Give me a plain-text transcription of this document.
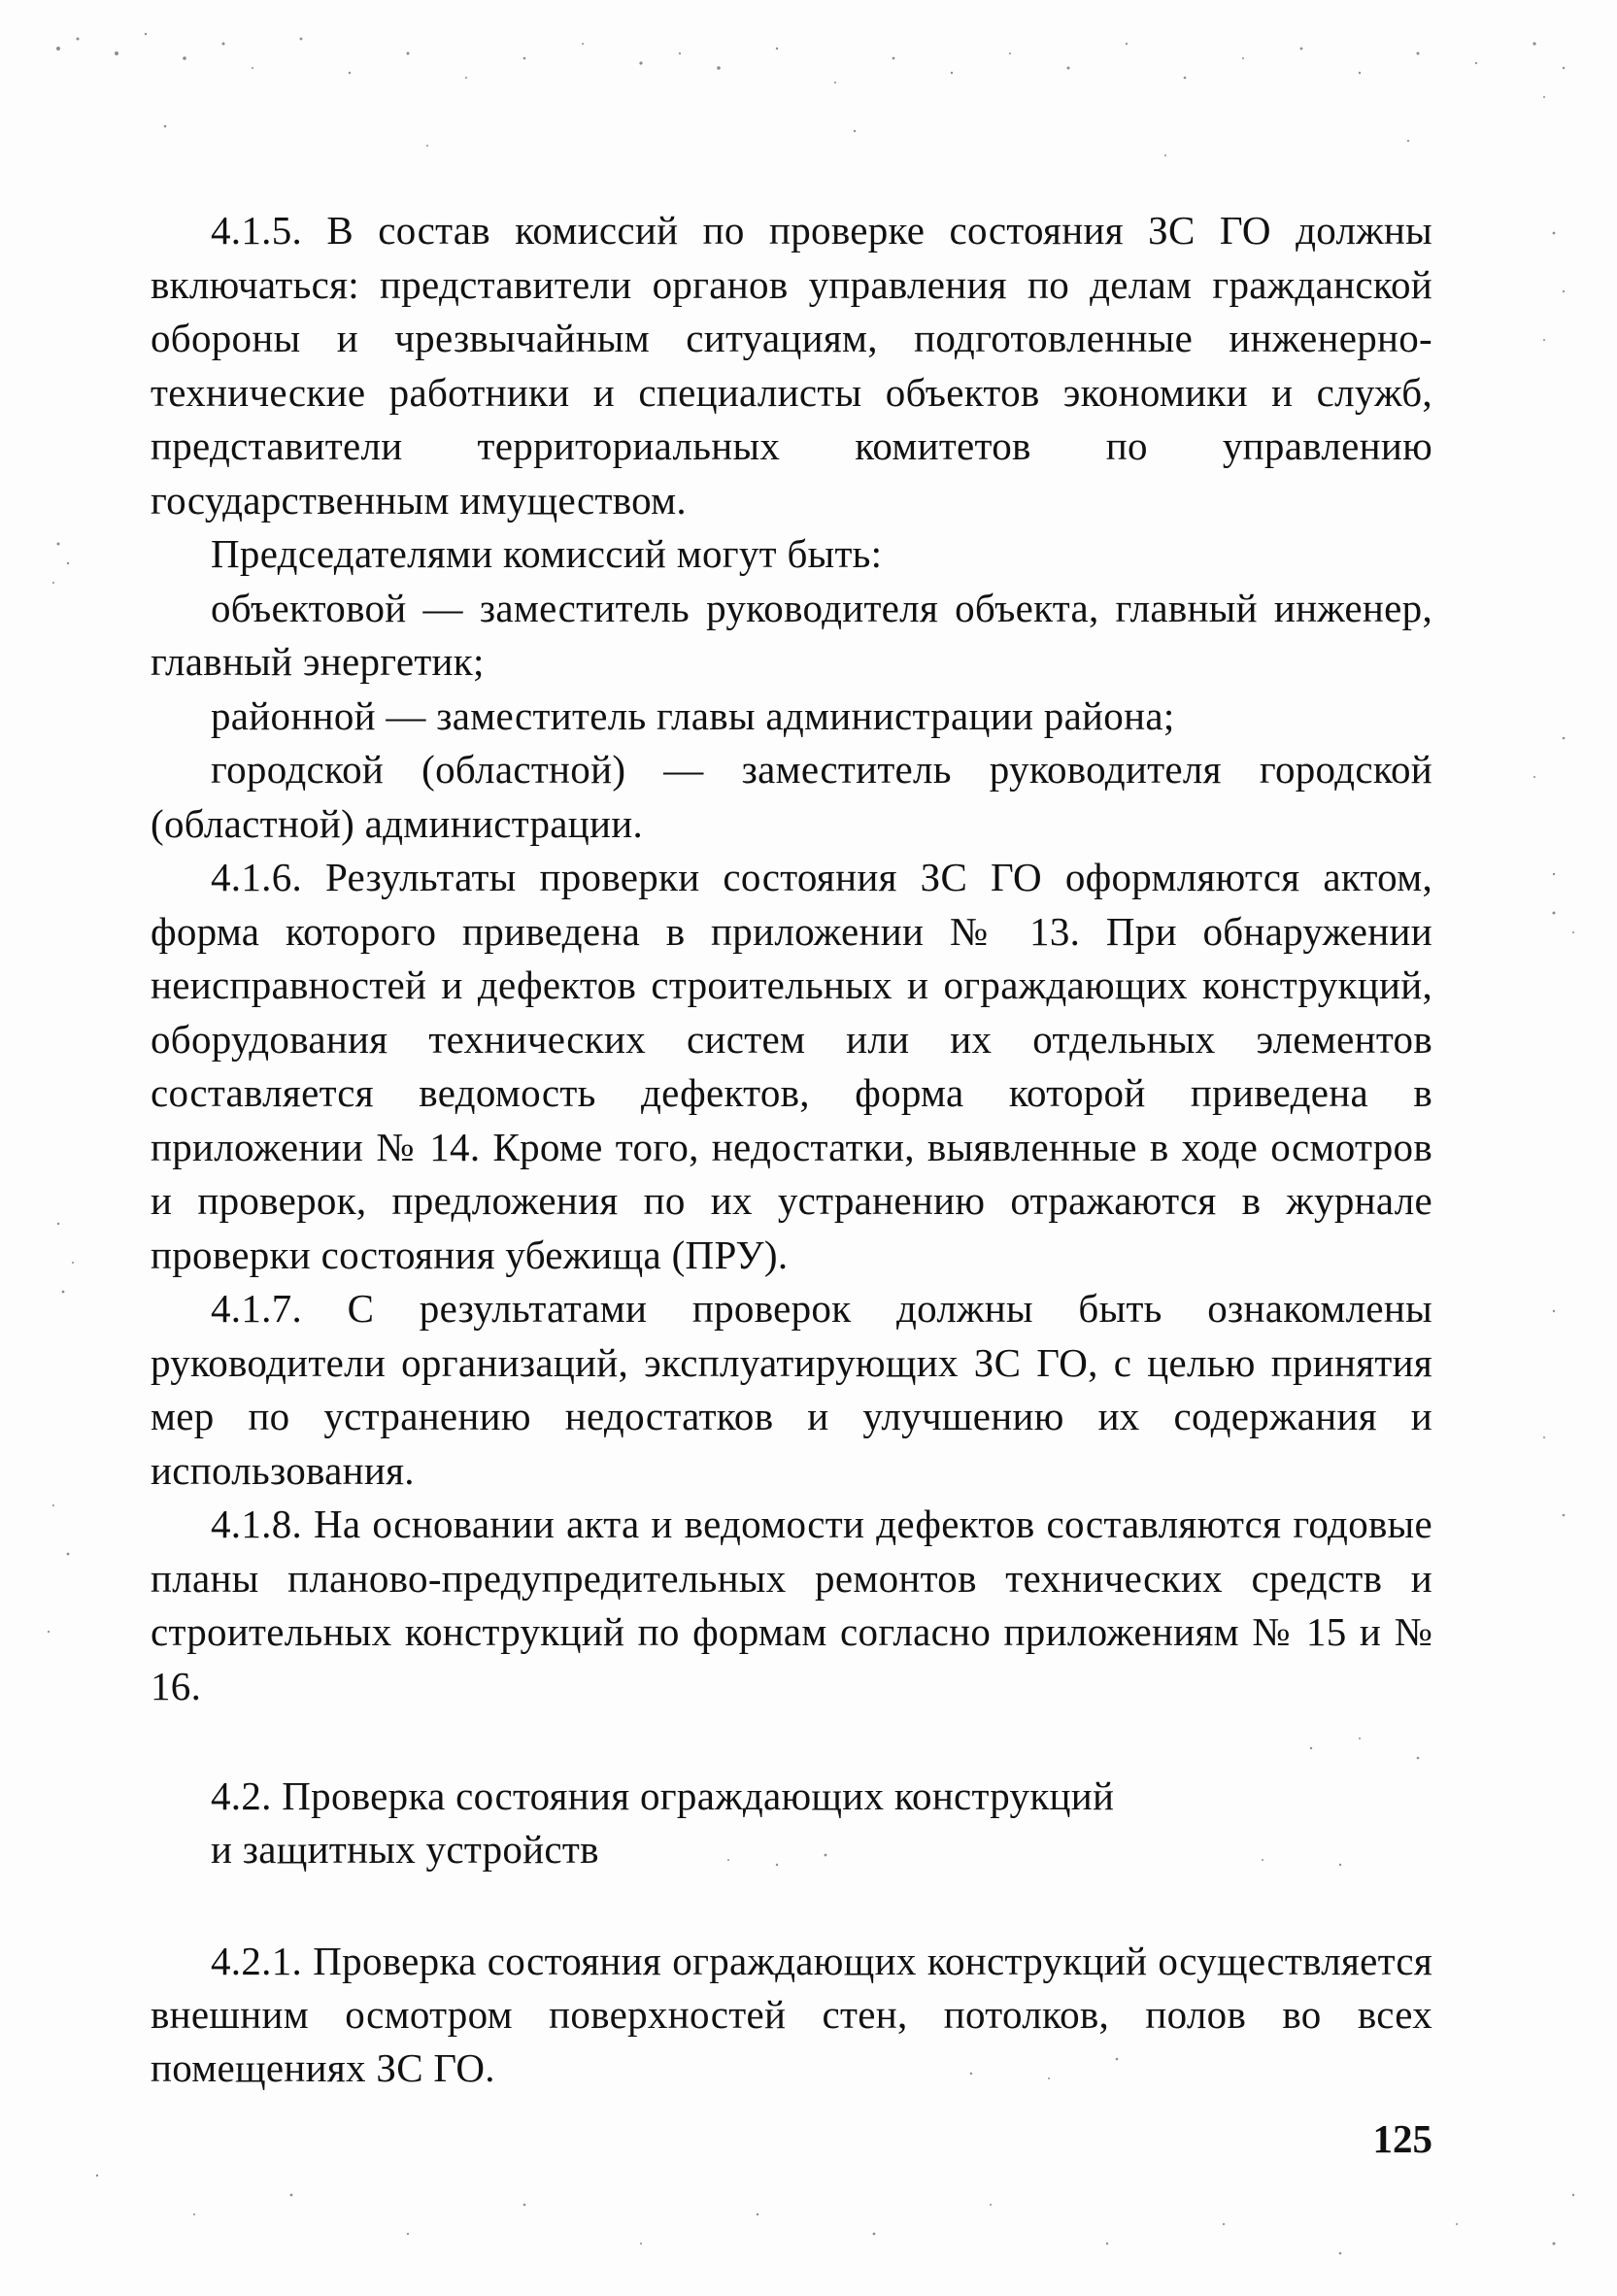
4.1.5. В состав комиссий по проверке состояния ЗС ГО должны включаться: представители органов управления по делам гражданской обороны и чрезвычайным ситуациям, подготовленные инженерно-технические работники и специалисты объектов экономики и служб, представители территориальных комитетов по управлению государственным имуществом.

Председателями комиссий могут быть:

объектовой — заместитель руководителя объекта, главный инженер, главный энергетик;

районной — заместитель главы администрации района;

городской (областной) — заместитель руководителя городской (областной) администрации.

4.1.6. Результаты проверки состояния ЗС ГО оформляются актом, форма которого приведена в приложении № 13. При обнаружении неисправностей и дефектов строительных и ограждающих конструкций, оборудования технических систем или их отдельных элементов составляется ведомость дефектов, форма которой приведена в приложении № 14. Кроме того, недостатки, выявленные в ходе осмотров и проверок, предложения по их устранению отражаются в журнале проверки состояния убежища (ПРУ).

4.1.7. С результатами проверок должны быть ознакомлены руководители организаций, эксплуатирующих ЗС ГО, с целью принятия мер по устранению недостатков и улучшению их содержания и использования.

4.1.8. На основании акта и ведомости дефектов составляются годовые планы планово-предупредительных ремонтов технических средств и строительных конструкций по формам согласно приложениям № 15 и № 16.

4.2. Проверка состояния ограждающих конструкций
и защитных устройств

4.2.1. Проверка состояния ограждающих конструкций осуществляется внешним осмотром поверхностей стен, потолков, полов во всех помещениях ЗС ГО.

125
